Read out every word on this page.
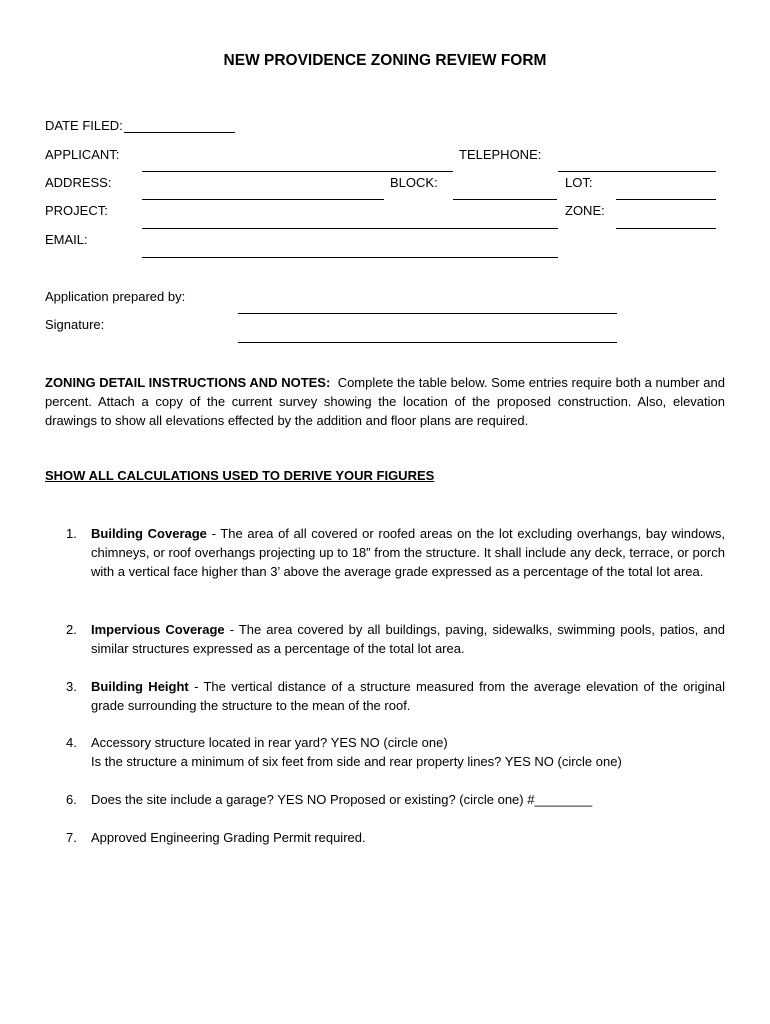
NEW PROVIDENCE ZONING REVIEW FORM
DATE FILED:
APPLICANT:	TELEPHONE:
ADDRESS:	BLOCK:	LOT:
PROJECT:	ZONE:
EMAIL:
Application prepared by:
Signature:
ZONING DETAIL INSTRUCTIONS AND NOTES: Complete the table below. Some entries require both a number and percent. Attach a copy of the current survey showing the location of the proposed construction. Also, elevation drawings to show all elevations effected by the addition and floor plans are required.
SHOW ALL CALCULATIONS USED TO DERIVE YOUR FIGURES
1.	Building Coverage - The area of all covered or roofed areas on the lot excluding overhangs, bay windows, chimneys, or roof overhangs projecting up to 18” from the structure. It shall include any deck, terrace, or porch with a vertical face higher than 3’ above the average grade expressed as a percentage of the total lot area.
2.	Impervious Coverage - The area covered by all buildings, paving, sidewalks, swimming pools, patios, and similar structures expressed as a percentage of the total lot area.
3.	Building Height - The vertical distance of a structure measured from the average elevation of the original grade surrounding the structure to the mean of the roof.
4.	Accessory structure located in rear yard? YES NO (circle one)
Is the structure a minimum of six feet from side and rear property lines? YES NO (circle one)
6.	Does the site include a garage? YES NO Proposed or existing? (circle one) #________
7.	Approved Engineering Grading Permit required.
